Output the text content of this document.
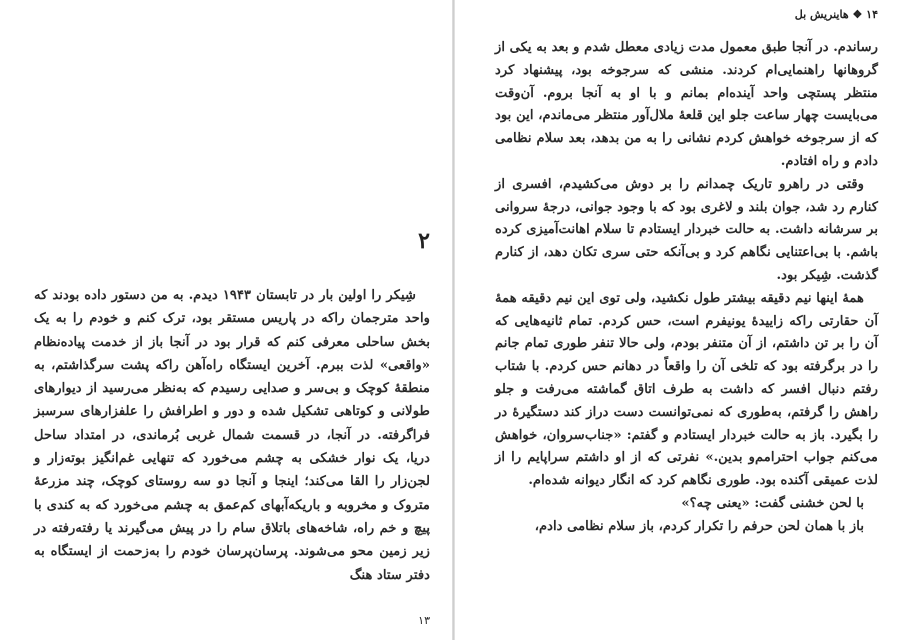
۲

شِیکر را اولین بار در تابستان ۱۹۴۳ دیدم. به من دستور داده بودند که واحد مترجمان راکه در پاریس مستقر بود، ترک کنم و خودم را به یک بخش ساحلی معرفی کنم که قرار بود در آنجا باز از خدمت پیاده‌نظام «واقعی» لذت ببرم. آخرین ایستگاه راه‌آهن راکه پشت سرگذاشتم، به منطقهٔ کوچک و بی‌سر و صدایی رسیدم که به‌نظر می‌رسید از دیوارهای طولانی و کوتاهی تشکیل شده و دور و اطرافش را علفزارهای سرسبز فراگرفته. در آنجا، در قسمت شمال غربی بُرماندی، در امتداد ساحل دریا، یک نوار خشکی به چشم می‌خورد که تنهایی غم‌انگیز بوته‌زار و لجن‌زار را القا می‌کند؛ اینجا و آنجا دو سه روستای کوچک، چند مزرعهٔ متروک و مخروبه و باریکه‌آبهای کم‌عمق به چشم می‌خورد که به کندی با پیچ و خم راه، شاخه‌های باتلاق سام را در پیش می‌گیرند یا رفته‌رفته در زیر زمین محو می‌شوند. پرسان‌پرسان خودم را به‌زحمت از ایستگاه به دفتر ستاد هنگ

۱۳
۱۴ ❖ هاینریش بل

رساندم. در آنجا طبق معمول مدت زیادی معطل شدم و بعد به یکی از گروهانها راهنمایی‌ام کردند. منشی که سرجوخه بود، پیشنهاد کرد منتظر پستچی واحد آینده‌ام بمانم و با او به آنجا بروم. آن‌وقت می‌بایست چهار ساعت جلو این قلعهٔ ملال‌آور منتظر می‌ماندم، این بود که از سرجوخه خواهش کردم نشانی را به من بدهد، بعد سلام نظامی دادم و راه افتادم.

وقتی در راهرو تاریک چمدانم را بر دوش می‌کشیدم، افسری از کنارم رد شد، جوان بلند و لاغری بود که با وجود جوانی، درجهٔ سروانی بر سرشانه داشت. به حالت خبردار ایستادم تا سلام اهانت‌آمیزی کرده باشم. با بی‌اعتنایی نگاهم کرد و بی‌آنکه حتی سری تکان دهد، از کنارم گذشت. شِیکر بود.

همهٔ اینها نیم دقیقه بیشتر طول نکشید، ولی توی این نیم دقیقه همهٔ آن حقارتی راکه زاییدهٔ یونیفرم است، حس کردم. تمام ثانیه‌هایی که آن را بر تن داشتم، از آن متنفر بودم، ولی حالا تنفر طوری تمام جانم را در برگرفته بود که تلخی آن را واقعاً در دهانم حس کردم. با شتاب رفتم دنبال افسر که داشت به طرف اتاق گماشته می‌رفت و جلو راهش را گرفتم، به‌طوری که نمی‌توانست دست دراز کند دستگیره‌ٔ در را بگیرد. باز به حالت خبردار ایستادم و گفتم: «جناب‌سروان، خواهش می‌کنم جواب احترامم‌و بدین.» نفرتی که از او داشتم سراپایم را از لذت عمیقی آکنده بود. طوری نگاهم کرد که انگار دیوانه شده‌ام.

با لحن خشنی گفت: «یعنی چه؟»

باز با همان لحن حرفم را تکرار کردم، باز سلام نظامی دادم،
